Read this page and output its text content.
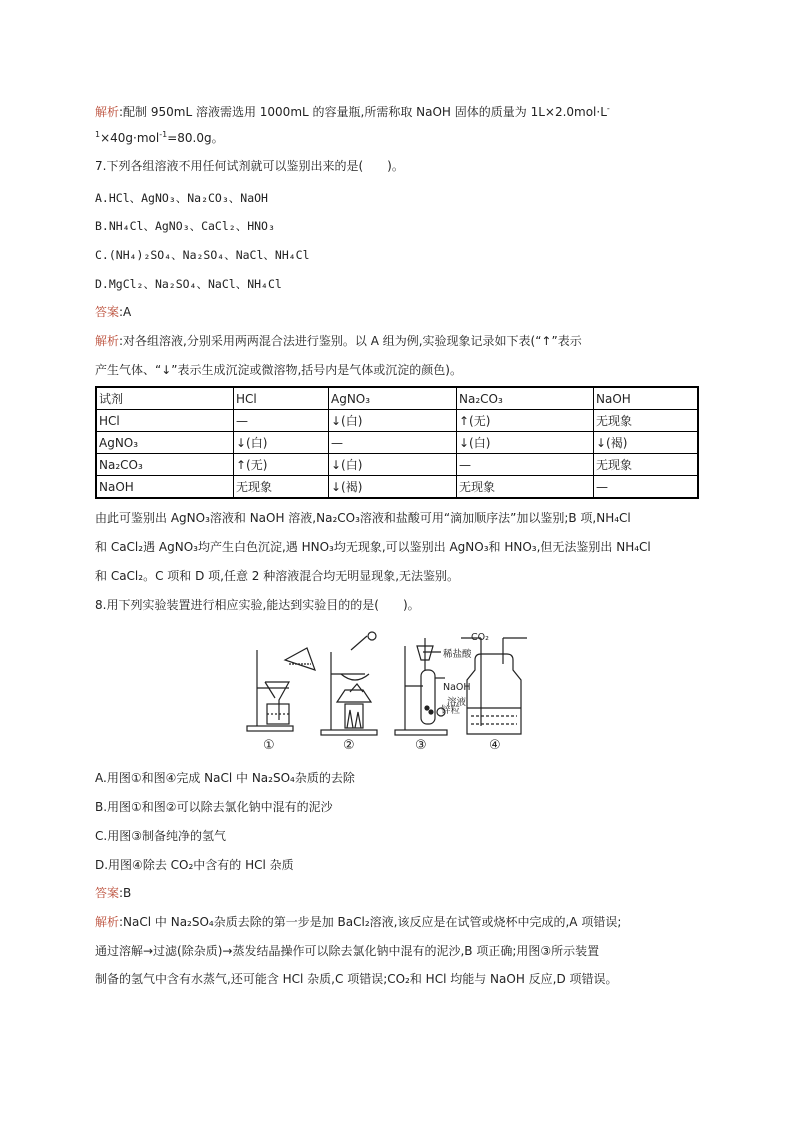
解析:配制 950mL 溶液需选用 1000mL 的容量瓶,所需称取 NaOH 固体的质量为 1L×2.0mol·L-
$^1$×40g·mol$^{-1}$=80.0g。
7.下列各组溶液不用任何试剂就可以鉴别出来的是(　　)。
A.HCl、AgNO₃、Na₂CO₃、NaOH
B.NH₄Cl、AgNO₃、CaCl₂、HNO₃
C.(NH₄)₂SO₄、Na₂SO₄、NaCl、NH₄Cl
D.MgCl₂、Na₂SO₄、NaCl、NH₄Cl
答案:A
解析:对各组溶液,分别采用两两混合法进行鉴别。以 A 组为例,实验现象记录如下表(“↑”表示
产生气体、“↓”表示生成沉淀或微溶物,括号内是气体或沉淀的颜色)。
试剂	HCl	AgNO₃	Na₂CO₃	NaOH
HCl	—	↓(白)	↑(无)	无现象
AgNO₃	↓(白)	—	↓(白)	↓(褐)
Na₂CO₃	↑(无)	↓(白)	—	无现象
NaOH	无现象	↓(褐)	无现象	—
由此可鉴别出 AgNO₃溶液和 NaOH 溶液,Na₂CO₃溶液和盐酸可用“滴加顺序法”加以鉴别;B 项,NH₄Cl
和 CaCl₂遇 AgNO₃均产生白色沉淀,遇 HNO₃均无现象,可以鉴别出 AgNO₃和 HNO₃,但无法鉴别出 NH₄Cl
和 CaCl₂。C 项和 D 项,任意 2 种溶液混合均无明显现象,无法鉴别。
8.用下列实验装置进行相应实验,能达到实验目的的是(　　)。
①	②	③	④
稀盐酸
锌粒
CO₂
NaOH
溶液
A.用图①和图④完成 NaCl 中 Na₂SO₄杂质的去除
B.用图①和图②可以除去氯化钠中混有的泥沙
C.用图③制备纯净的氢气
D.用图④除去 CO₂中含有的 HCl 杂质
答案:B
解析:NaCl 中 Na₂SO₄杂质去除的第一步是加 BaCl₂溶液,该反应是在试管或烧杯中完成的,A 项错误;
通过溶解→过滤(除杂质)→蒸发结晶操作可以除去氯化钠中混有的泥沙,B 项正确;用图③所示装置
制备的氢气中含有水蒸气,还可能含 HCl 杂质,C 项错误;CO₂和 HCl 均能与 NaOH 反应,D 项错误。
